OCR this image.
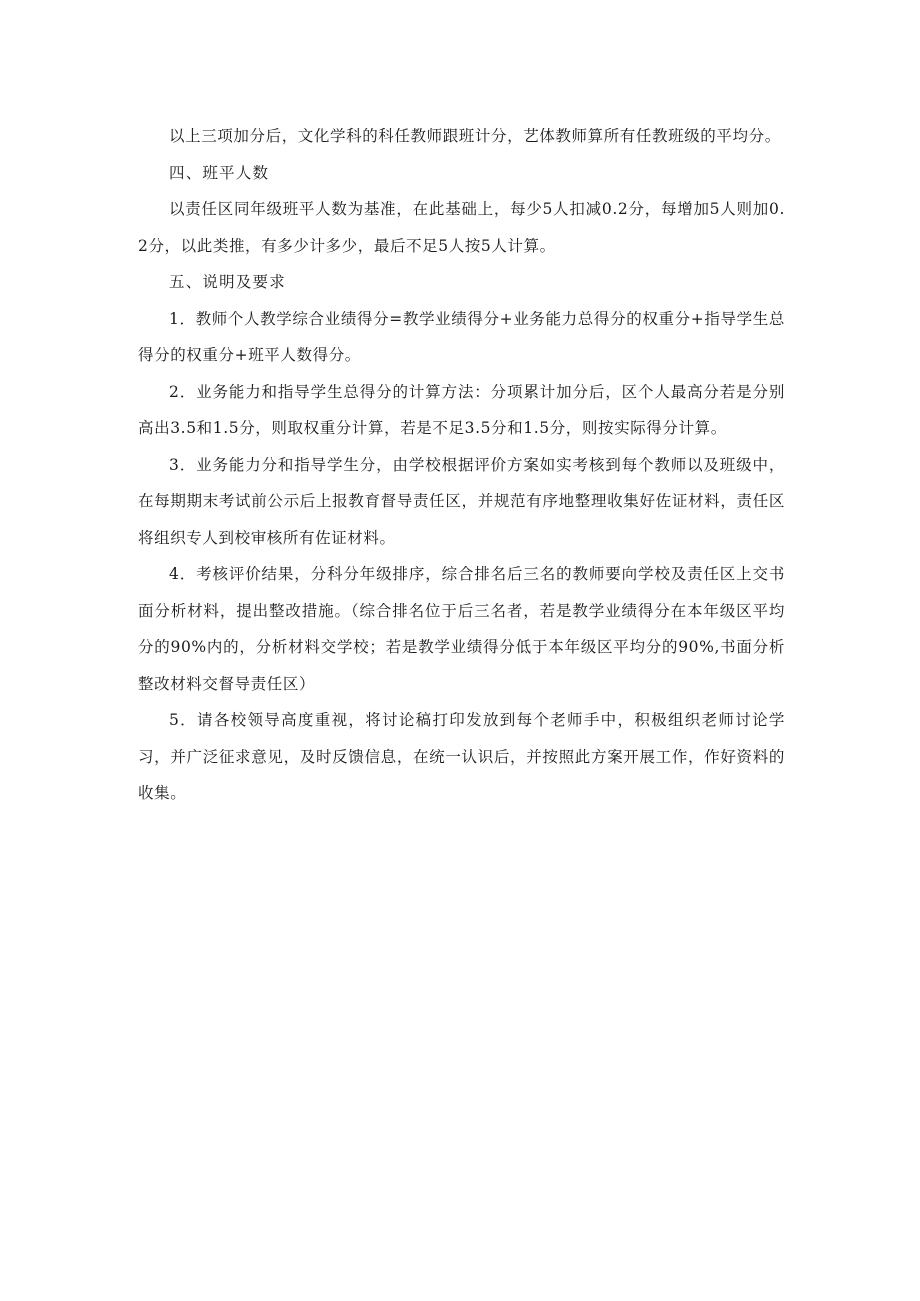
以上三项加分后，文化学科的科任教师跟班计分，艺体教师算所有任教班级的平均分。

四、班平人数

以责任区同年级班平人数为基准，在此基础上，每少5人扣减0.2分，每增加5人则加0.2分，以此类推，有多少计多少，最后不足5人按5人计算。

五、说明及要求

1．教师个人教学综合业绩得分=教学业绩得分+业务能力总得分的权重分+指导学生总得分的权重分+班平人数得分。

2．业务能力和指导学生总得分的计算方法：分项累计加分后，区个人最高分若是分别高出3.5和1.5分，则取权重分计算，若是不足3.5分和1.5分，则按实际得分计算。

3．业务能力分和指导学生分，由学校根据评价方案如实考核到每个教师以及班级中，在每期期末考试前公示后上报教育督导责任区，并规范有序地整理收集好佐证材料，责任区将组织专人到校审核所有佐证材料。

4．考核评价结果，分科分年级排序，综合排名后三名的教师要向学校及责任区上交书面分析材料，提出整改措施。（综合排名位于后三名者，若是教学业绩得分在本年级区平均分的90%内的，分析材料交学校；若是教学业绩得分低于本年级区平均分的90%,书面分析整改材料交督导责任区）

5．请各校领导高度重视，将讨论稿打印发放到每个老师手中，积极组织老师讨论学习，并广泛征求意见，及时反馈信息，在统一认识后，并按照此方案开展工作，作好资料的收集。
